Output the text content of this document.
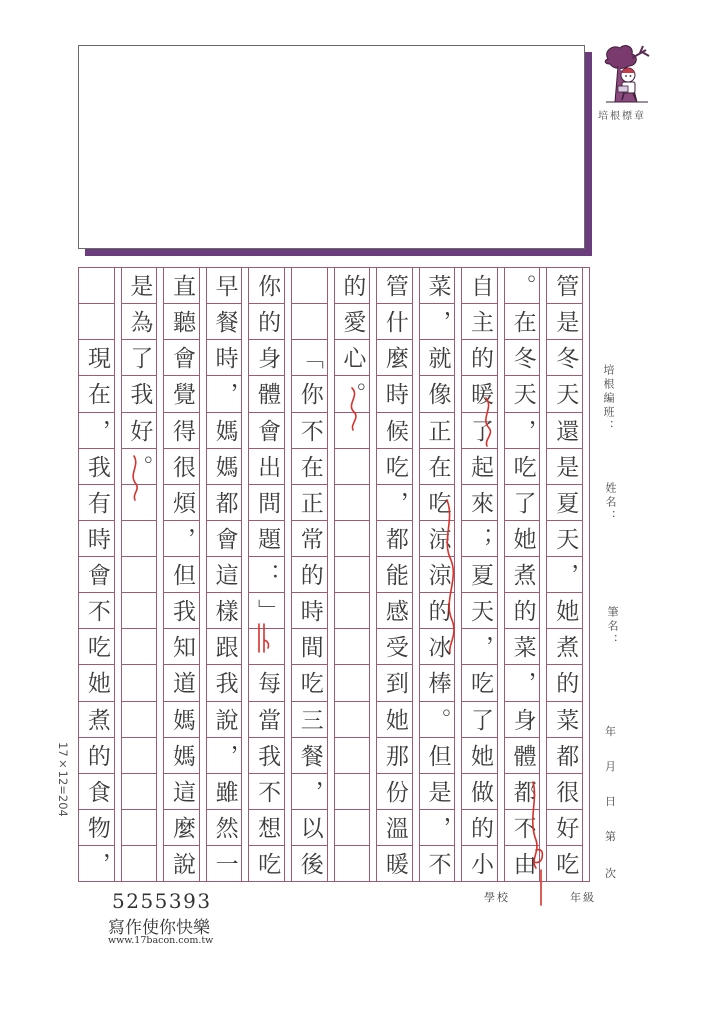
培根標章
管
是
冬
天
還
是
夏
天
，
她
煮
的
菜
都
很
好
吃
。
在
冬
天
，
吃
了
她
煮
的
菜
，
身
體
都
不
由
自
主
的
暖
了
起
來
；
夏
天
，
吃
了
她
做
的
小
菜
，
就
像
正
在
吃
涼
涼
的
冰
棒
。
但
是
，
不
管
什
麼
時
候
吃
，
都
能
感
受
到
她
那
份
溫
暖
的
愛
心
。
「
你
不
在
正
常
的
時
間
吃
三
餐
，
以
後
你
的
身
體
會
出
問
題
：
」
每
當
我
不
想
吃
早
餐
時
，
媽
媽
都
會
這
樣
跟
我
說
，
雖
然
一
直
聽
會
覺
得
很
煩
，
但
我
知
道
媽
媽
這
麼
說
是
為
了
我
好
。
現
在
，
我
有
時
會
不
吃
她
煮
的
食
物
，
17×12=204
培根編班：
姓名：
筆名：
年
月
日
第
次
學校	年級
5255393
寫作使你快樂
www.17bacon.com.tw
